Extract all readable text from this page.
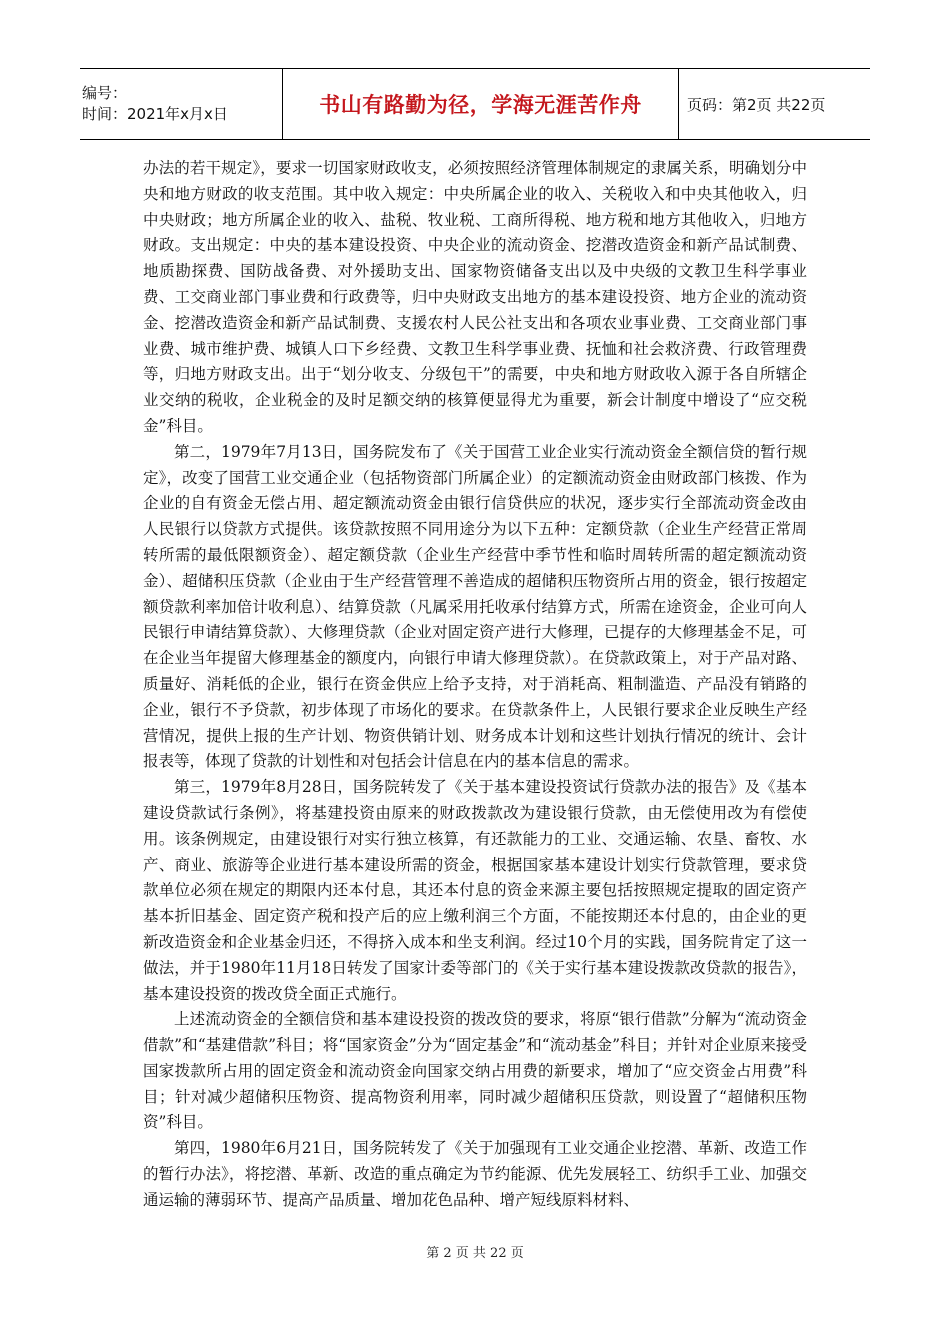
编号：
时间：2021年x月x日	书山有路勤为径，学海无涯苦作舟	页码：第2页 共22页

办法的若干规定》，要求一切国家财政收支，必须按照经济管理体制规定的隶属关系，明确划分中央和地方财政的收支范围。其中收入规定：中央所属企业的收入、关税收入和中央其他收入，归中央财政；地方所属企业的收入、盐税、牧业税、工商所得税、地方税和地方其他收入，归地方财政。支出规定：中央的基本建设投资、中央企业的流动资金、挖潜改造资金和新产品试制费、地质勘探费、国防战备费、对外援助支出、国家物资储备支出以及中央级的文教卫生科学事业费、工交商业部门事业费和行政费等，归中央财政支出地方的基本建设投资、地方企业的流动资金、挖潜改造资金和新产品试制费、支援农村人民公社支出和各项农业事业费、工交商业部门事业费、城市维护费、城镇人口下乡经费、文教卫生科学事业费、抚恤和社会救济费、行政管理费等，归地方财政支出。出于“划分收支、分级包干”的需要，中央和地方财政收入源于各自所辖企业交纳的税收，企业税金的及时足额交纳的核算便显得尤为重要，新会计制度中增设了“应交税金”科目。

第二，1979年7月13日，国务院发布了《关于国营工业企业实行流动资金全额信贷的暂行规定》，改变了国营工业交通企业（包括物资部门所属企业）的定额流动资金由财政部门核拨、作为企业的自有资金无偿占用、超定额流动资金由银行信贷供应的状况，逐步实行全部流动资金改由人民银行以贷款方式提供。该贷款按照不同用途分为以下五种：定额贷款（企业生产经营正常周转所需的最低限额资金）、超定额贷款（企业生产经营中季节性和临时周转所需的超定额流动资金）、超储积压贷款（企业由于生产经营管理不善造成的超储积压物资所占用的资金，银行按超定额贷款利率加倍计收利息）、结算贷款（凡属采用托收承付结算方式，所需在途资金，企业可向人民银行申请结算贷款）、大修理贷款（企业对固定资产进行大修理，已提存的大修理基金不足，可在企业当年提留大修理基金的额度内，向银行申请大修理贷款）。在贷款政策上，对于产品对路、质量好、消耗低的企业，银行在资金供应上给予支持，对于消耗高、粗制滥造、产品没有销路的企业，银行不予贷款，初步体现了市场化的要求。在贷款条件上，人民银行要求企业反映生产经营情况，提供上报的生产计划、物资供销计划、财务成本计划和这些计划执行情况的统计、会计报表等，体现了贷款的计划性和对包括会计信息在内的基本信息的需求。

第三，1979年8月28日，国务院转发了《关于基本建设投资试行贷款办法的报告》及《基本建设贷款试行条例》，将基建投资由原来的财政拨款改为建设银行贷款，由无偿使用改为有偿使用。该条例规定，由建设银行对实行独立核算，有还款能力的工业、交通运输、农垦、畜牧、水产、商业、旅游等企业进行基本建设所需的资金，根据国家基本建设计划实行贷款管理，要求贷款单位必须在规定的期限内还本付息，其还本付息的资金来源主要包括按照规定提取的固定资产基本折旧基金、固定资产税和投产后的应上缴利润三个方面，不能按期还本付息的，由企业的更新改造资金和企业基金归还，不得挤入成本和坐支利润。经过10个月的实践，国务院肯定了这一做法，并于1980年11月18日转发了国家计委等部门的《关于实行基本建设拨款改贷款的报告》，基本建设投资的拨改贷全面正式施行。

上述流动资金的全额信贷和基本建设投资的拨改贷的要求，将原“银行借款”分解为“流动资金借款”和“基建借款”科目；将“国家资金”分为“固定基金”和“流动基金”科目；并针对企业原来接受国家拨款所占用的固定资金和流动资金向国家交纳占用费的新要求，增加了“应交资金占用费”科目；针对减少超储积压物资、提高物资利用率，同时减少超储积压贷款，则设置了“超储积压物资”科目。

第四，1980年6月21日，国务院转发了《关于加强现有工业交通企业挖潜、革新、改造工作的暂行办法》，将挖潜、革新、改造的重点确定为节约能源、优先发展轻工、纺织手工业、加强交通运输的薄弱环节、提高产品质量、增加花色品种、增产短线原料材料、

第 2 页 共 22 页
